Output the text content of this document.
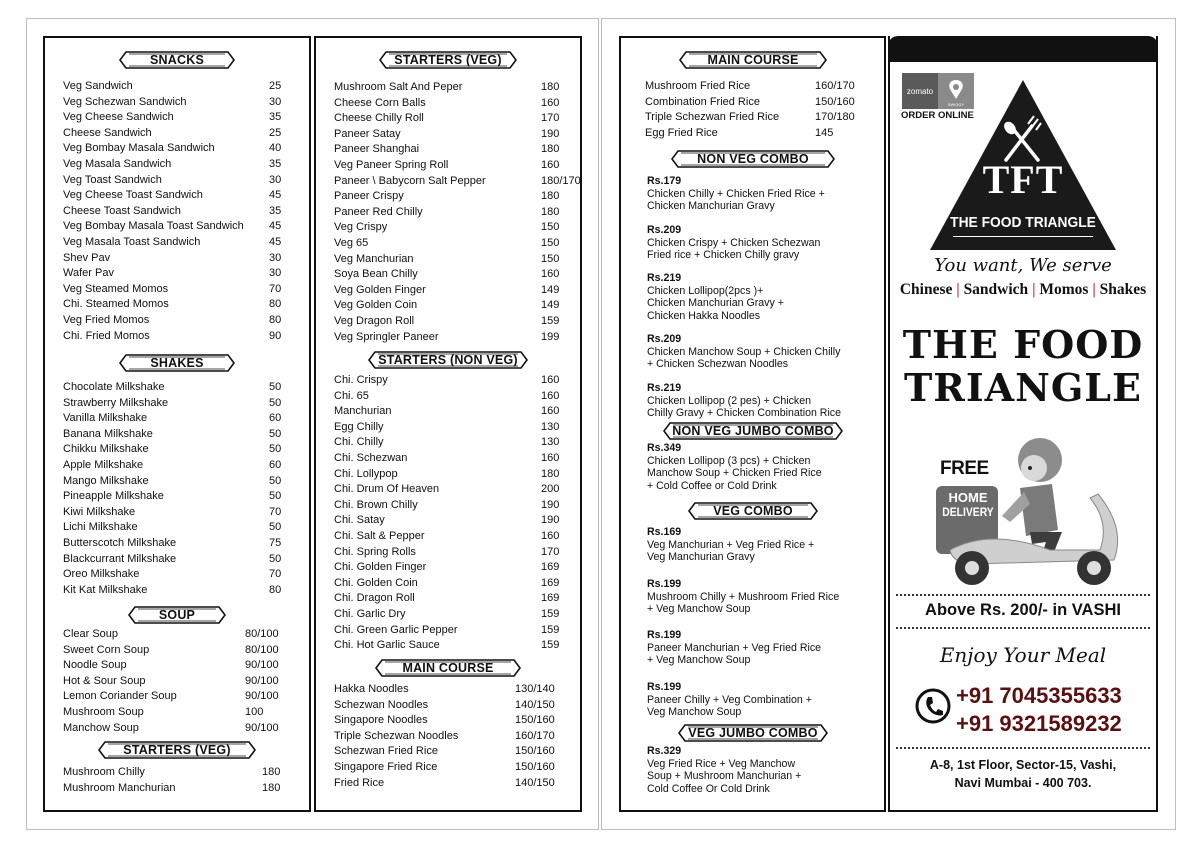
SNACKS
Veg Sandwich	25
Veg Schezwan Sandwich	30
Veg Cheese Sandwich	35
Cheese Sandwich	25
Veg Bombay Masala Sandwich	40
Veg Masala Sandwich	35
Veg Toast Sandwich	30
Veg Cheese Toast Sandwich	45
Cheese Toast Sandwich	35
Veg Bombay Masala Toast Sandwich 45
Veg Masala Toast Sandwich	45
Shev Pav	30
Wafer Pav	30
Veg Steamed Momos	70
Chi. Steamed Momos	80
Veg Fried Momos	80
Chi. Fried Momos	90
SHAKES
Chocolate Milkshake	50
Strawberry Milkshake	50
Vanilla Milkshake	60
Banana Milkshake	50
Chikku Milkshake	50
Apple Milkshake	60
Mango Milkshake	50
Pineapple Milkshake	50
Kiwi Milkshake	70
Lichi Milkshake	50
Butterscotch Milkshake	75
Blackcurrant Milkshake	50
Oreo Milkshake	70
Kit Kat Milkshake	80
SOUP
Clear Soup	80/100
Sweet Corn Soup	80/100
Noodle Soup	90/100
Hot & Sour Soup	90/100
Lemon Coriander Soup	90/100
Mushroom Soup	100
Manchow Soup	90/100
STARTERS (VEG)
Mushroom Chilly	180
Mushroom Manchurian	180
STARTERS (VEG)
Mushroom Salt And Peper	180
Cheese Corn Balls	160
Cheese Chilly Roll	170
Paneer Satay	190
Paneer Shanghai	180
Veg Paneer Spring Roll	160
Paneer \ Babycorn Salt Pepper	180/170
Paneer Crispy	180
Paneer Red Chilly	180
Veg Crispy	150
Veg 65	150
Veg Manchurian	150
Soya Bean Chilly	160
Veg Golden Finger	149
Veg Golden Coin	149
Veg Dragon Roll	159
Veg Springler Paneer	199
STARTERS (NON VEG)
Chi. Crispy	160
Chi. 65	160
Manchurian	160
Egg Chilly	130
Chi. Chilly	130
Chi. Schezwan	160
Chi. Lollypop	180
Chi. Drum Of Heaven	200
Chi. Brown Chilly	190
Chi. Satay	190
Chi. Salt & Pepper	160
Chi. Spring Rolls	170
Chi. Golden Finger	169
Chi. Golden Coin	169
Chi. Dragon Roll	169
Chi. Garlic Dry	159
Chi. Green Garlic Pepper	159
Chi. Hot Garlic Sauce	159
MAIN COURSE
Hakka Noodles	130/140
Schezwan Noodles	140/150
Singapore Noodles	150/160
Triple Schezwan Noodles	160/170
Schezwan Fried Rice	150/160
Singapore Fried Rice	150/160
Fried Rice	140/150
MAIN COURSE
Mushroom Fried Rice	160/170
Combination Fried Rice	150/160
Triple Schezwan Fried Rice	170/180
Egg Fried Rice	145
NON VEG COMBO
Rs.179
Chicken Chilly + Chicken Fried Rice +
Chicken Manchurian Gravy
Rs.209
Chicken Crispy + Chicken Schezwan
Fried rice + Chicken Chilly gravy
Rs.219
Chicken Lollipop(2pcs )+
Chicken Manchurian Gravy +
Chicken Hakka Noodles
Rs.209
Chicken Manchow Soup + Chicken Chilly
+ Chicken Schezwan Noodles
Rs.219
Chicken Lollipop (2 pes) + Chicken
Chilly Gravy + Chicken Combination Rice
NON VEG JUMBO COMBO
Rs.349
Chicken Lollipop (3 pcs) + Chicken
Manchow Soup + Chicken Fried Rice
+ Cold Coffee or Cold Drink
VEG COMBO
Rs.169
Veg Manchurian + Veg Fried Rice +
Veg Manchurian Gravy
Rs.199
Mushroom Chilly + Mushroom Fried Rice
+ Veg Manchow Soup
Rs.199
Paneer Manchurian + Veg Fried Rice
+ Veg Manchow Soup
Rs.199
Paneer Chilly + Veg Combination +
Veg Manchow Soup
VEG JUMBO COMBO
Rs.329
Veg Fried Rice + Veg Manchow
Soup + Mushroom Manchurian +
Cold Coffee Or Cold Drink
zomato
SWIGGY
ORDER ONLINE
TFT
THE FOOD TRIANGLE
You want, We serve
Chinese | Sandwich | Momos | Shakes
THE FOOD
TRIANGLE
FREE
HOME
DELIVERY
Above Rs. 200/- in VASHI
Enjoy Your Meal
+91 7045355633
+91 9321589232
A-8, 1st Floor, Sector-15, Vashi,
Navi Mumbai - 400 703.
